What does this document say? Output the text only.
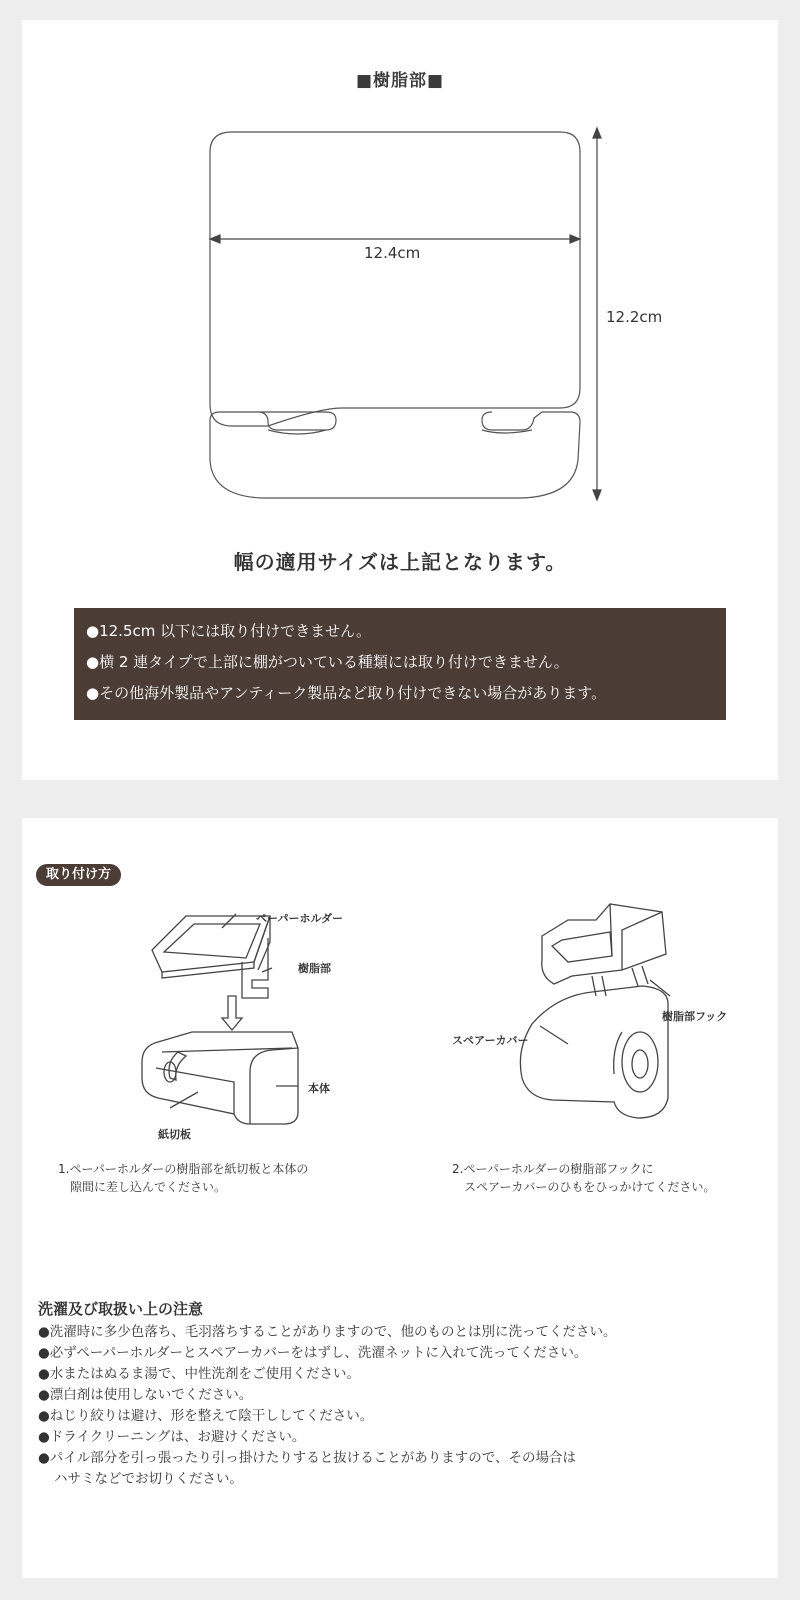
■樹脂部■
12.4cm
12.2cm
幅の適用サイズは上記となります。
●12.5cm 以下には取り付けできません。
●横 2 連タイプで上部に棚がついている種類には取り付けできません。
●その他海外製品やアンティーク製品など取り付けできない場合があります。
取り付け方
ペーパーホルダー
樹脂部
本体
紙切板
樹脂部フック
スペアーカバー
1.ペーパーホルダーの樹脂部を紙切板と本体の
隙間に差し込んでください。
2.ペーパーホルダーの樹脂部フックに
スペアーカバーのひもをひっかけてください。
洗濯及び取扱い上の注意
●洗濯時に多少色落ち、毛羽落ちすることがありますので、他のものとは別に洗ってください。
●必ずペーパーホルダーとスペアーカバーをはずし、洗濯ネットに入れて洗ってください。
●水またはぬるま湯で、中性洗剤をご使用ください。
●漂白剤は使用しないでください。
●ねじり絞りは避け、形を整えて陰干ししてください。
●ドライクリーニングは、お避けください。
●パイル部分を引っ張ったり引っ掛けたりすると抜けることがありますので、その場合は
ハサミなどでお切りください。
